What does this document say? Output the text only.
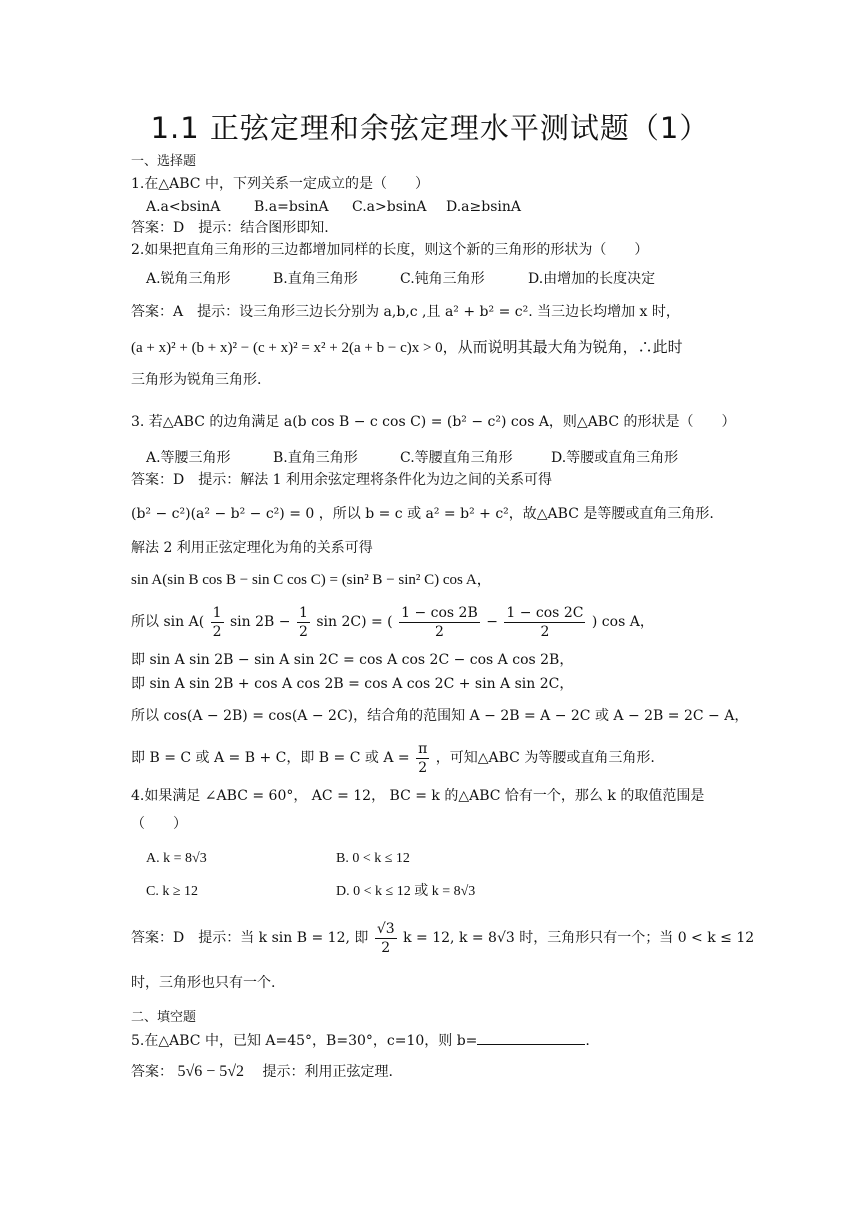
1.1 正弦定理和余弦定理水平测试题（1）
一、选择题
1.在△ABC 中，下列关系一定成立的是（　　）
A.a<bsinA B.a=bsinA C.a>bsinA D.a≥bsinA
答案：D　提示：结合图形即知.
2.如果把直角三角形的三边都增加同样的长度，则这个新的三角形的形状为（　　）
A.锐角三角形	B.直角三角形	C.钝角三角形	D.由增加的长度决定
答案：A　提示：设三角形三边长分别为 a,b,c ,且 a² + b² = c². 当三边长均增加 x 时，
(a + x)² + (b + x)² − (c + x)² = x² + 2(a + b − c)x > 0，从而说明其最大角为锐角，∴此时
三角形为锐角三角形.
3. 若△ABC 的边角满足 a(b cos B − c cos C) = (b² − c²) cos A，则△ABC 的形状是（　　）
A.等腰三角形	B.直角三角形	C.等腰直角三角形	D.等腰或直角三角形
答案：D　提示：解法 1 利用余弦定理将条件化为边之间的关系可得
(b² − c²)(a² − b² − c²) = 0 ，所以 b = c 或 a² = b² + c²，故△ABC 是等腰或直角三角形.
解法 2 利用正弦定理化为角的关系可得
sin A(sin B cos B − sin C cos C) = (sin² B − sin² C) cos A，
所以 $\sin A( \frac{1}{2}$ $\sin 2B - \frac{1}{2}$ sin 2C) = ( $\frac{1 - \cos 2B}{2} - \frac{1 - \cos 2C}{2}$ ) cos A，
即 sin A sin 2B − sin A sin 2C = cos A cos 2C − cos A cos 2B，
即 sin A sin 2B + cos A cos 2B = cos A cos 2C + sin A sin 2C，
所以 cos(A − 2B) = cos(A − 2C)，结合角的范围知 A − 2B = A − 2C 或 A − 2B = 2C − A，
即 B = C 或 A = B + C，即 B = C 或 $A = \frac{\pi}{2}$ ，可知△ABC 为等腰或直角三角形.
4.如果满足 ∠ABC = 60°， AC = 12， BC = k 的△ABC 恰有一个，那么 k 的取值范围是
（　　）
A. k = 8√3	B. 0 < k ≤ 12
C. k ≥ 12	D. 0 < k ≤ 12 或 k = 8√3
答案：D　提示：当 k sin B = 12, 即 $\frac{√3}{2}$ k = 12, k = 8√3 时，三角形只有一个；当 0 < k ≤ 12
时，三角形也只有一个.
二、填空题
5.在△ABC 中，已知 A=45°，B=30°，c=10，则 b=	.
答案： 5√6 − 5√2 提示：利用正弦定理.
